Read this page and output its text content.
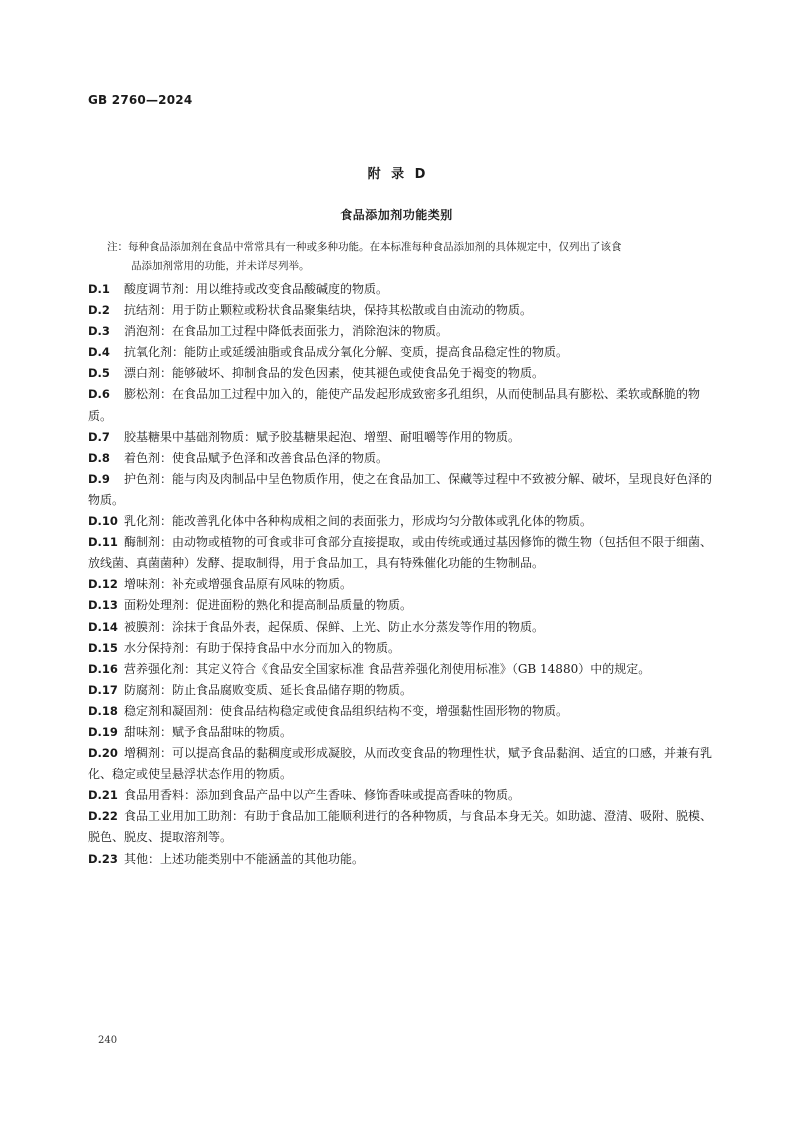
GB 2760—2024
附 录 D
食品添加剂功能类别
注：每种食品添加剂在食品中常常具有一种或多种功能。在本标准每种食品添加剂的具体规定中，仅列出了该食
品添加剂常用的功能，并未详尽列举。

D.1 酸度调节剂：用以维持或改变食品酸碱度的物质。

D.2 抗结剂：用于防止颗粒或粉状食品聚集结块，保持其松散或自由流动的物质。

D.3 消泡剂：在食品加工过程中降低表面张力，消除泡沫的物质。

D.4 抗氧化剂：能防止或延缓油脂或食品成分氧化分解、变质，提高食品稳定性的物质。

D.5 漂白剂：能够破坏、抑制食品的发色因素，使其褪色或使食品免于褐变的物质。

D.6 膨松剂：在食品加工过程中加入的，能使产品发起形成致密多孔组织，从而使制品具有膨松、柔软或酥脆的物质。

D.7 胶基糖果中基础剂物质：赋予胶基糖果起泡、增塑、耐咀嚼等作用的物质。

D.8 着色剂：使食品赋予色泽和改善食品色泽的物质。

D.9 护色剂：能与肉及肉制品中呈色物质作用，使之在食品加工、保藏等过程中不致被分解、破坏，呈现良好色泽的物质。

D.10 乳化剂：能改善乳化体中各种构成相之间的表面张力，形成均匀分散体或乳化体的物质。

D.11 酶制剂：由动物或植物的可食或非可食部分直接提取，或由传统或通过基因修饰的微生物（包括但不限于细菌、放线菌、真菌菌种）发酵、提取制得，用于食品加工，具有特殊催化功能的生物制品。

D.12 增味剂：补充或增强食品原有风味的物质。

D.13 面粉处理剂：促进面粉的熟化和提高制品质量的物质。

D.14 被膜剂：涂抹于食品外表，起保质、保鲜、上光、防止水分蒸发等作用的物质。

D.15 水分保持剂：有助于保持食品中水分而加入的物质。

D.16 营养强化剂：其定义符合《食品安全国家标准 食品营养强化剂使用标准》（GB 14880）中的规定。

D.17 防腐剂：防止食品腐败变质、延长食品储存期的物质。

D.18 稳定剂和凝固剂：使食品结构稳定或使食品组织结构不变，增强黏性固形物的物质。

D.19 甜味剂：赋予食品甜味的物质。

D.20 增稠剂：可以提高食品的黏稠度或形成凝胶，从而改变食品的物理性状，赋予食品黏润、适宜的口感，并兼有乳化、稳定或使呈悬浮状态作用的物质。

D.21 食品用香料：添加到食品产品中以产生香味、修饰香味或提高香味的物质。

D.22 食品工业用加工助剂：有助于食品加工能顺利进行的各种物质，与食品本身无关。如助滤、澄清、吸附、脱模、脱色、脱皮、提取溶剂等。

D.23 其他：上述功能类别中不能涵盖的其他功能。

240
